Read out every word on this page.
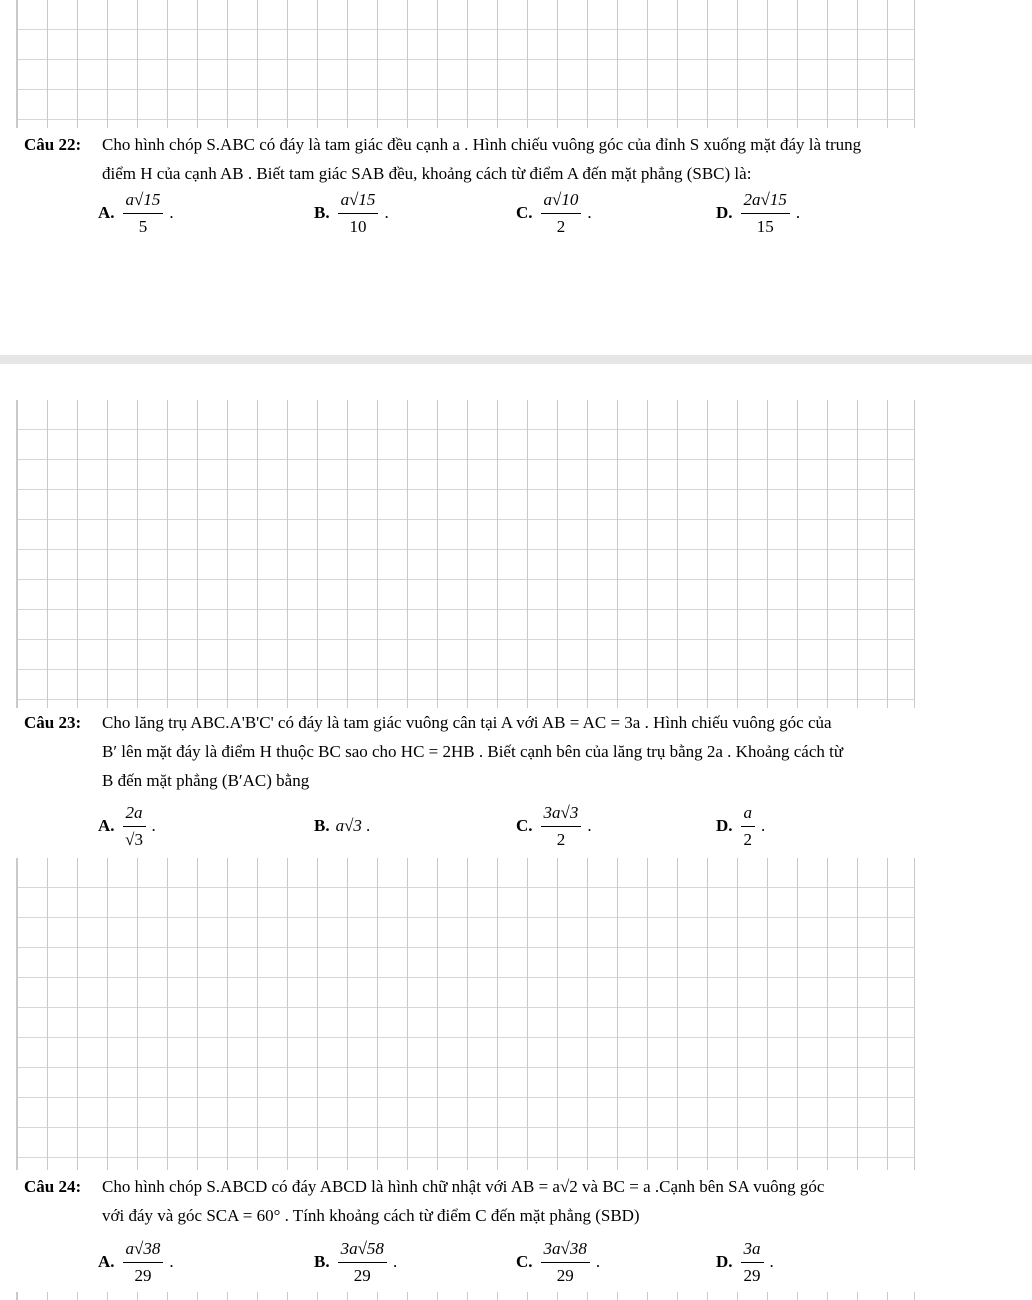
Câu 22: Cho hình chóp S.ABC có đáy là tam giác đều cạnh a . Hình chiếu vuông góc của đỉnh S xuống mặt đáy là trung
điểm H của cạnh AB . Biết tam giác SAB đều, khoảng cách từ điểm A đến mặt phẳng (SBC) là:
A. $\frac{a√15}{5}$ .	B. $\frac{a√15}{10}$ .	C. $\frac{a√10}{2}$ .	D. $\frac{2a√15}{15}$ .
Câu 23: Cho lăng trụ ABC.A'B'C' có đáy là tam giác vuông cân tại A với AB = AC = 3a . Hình chiếu vuông góc của
B′ lên mặt đáy là điểm H thuộc BC sao cho HC = 2HB . Biết cạnh bên của lăng trụ bằng 2a . Khoảng cách từ
B đến mặt phẳng (B′AC) bằng
A. $\frac{2a}{√3}$ .	B. a√3 .	C. $\frac{3a√3}{2}$ .	D. $\frac{a}{2}$ .
Câu 24: Cho hình chóp S.ABCD có đáy ABCD là hình chữ nhật với AB = a√2 và BC = a .Cạnh bên SA vuông góc
với đáy và góc SCA = 60° . Tính khoảng cách từ điểm C đến mặt phẳng (SBD)
A. $\frac{a√38}{29}$ .	B. $\frac{3a√58}{29}$ .	C. $\frac{3a√38}{29}$ .	D. $\frac{3a}{29}$ .
